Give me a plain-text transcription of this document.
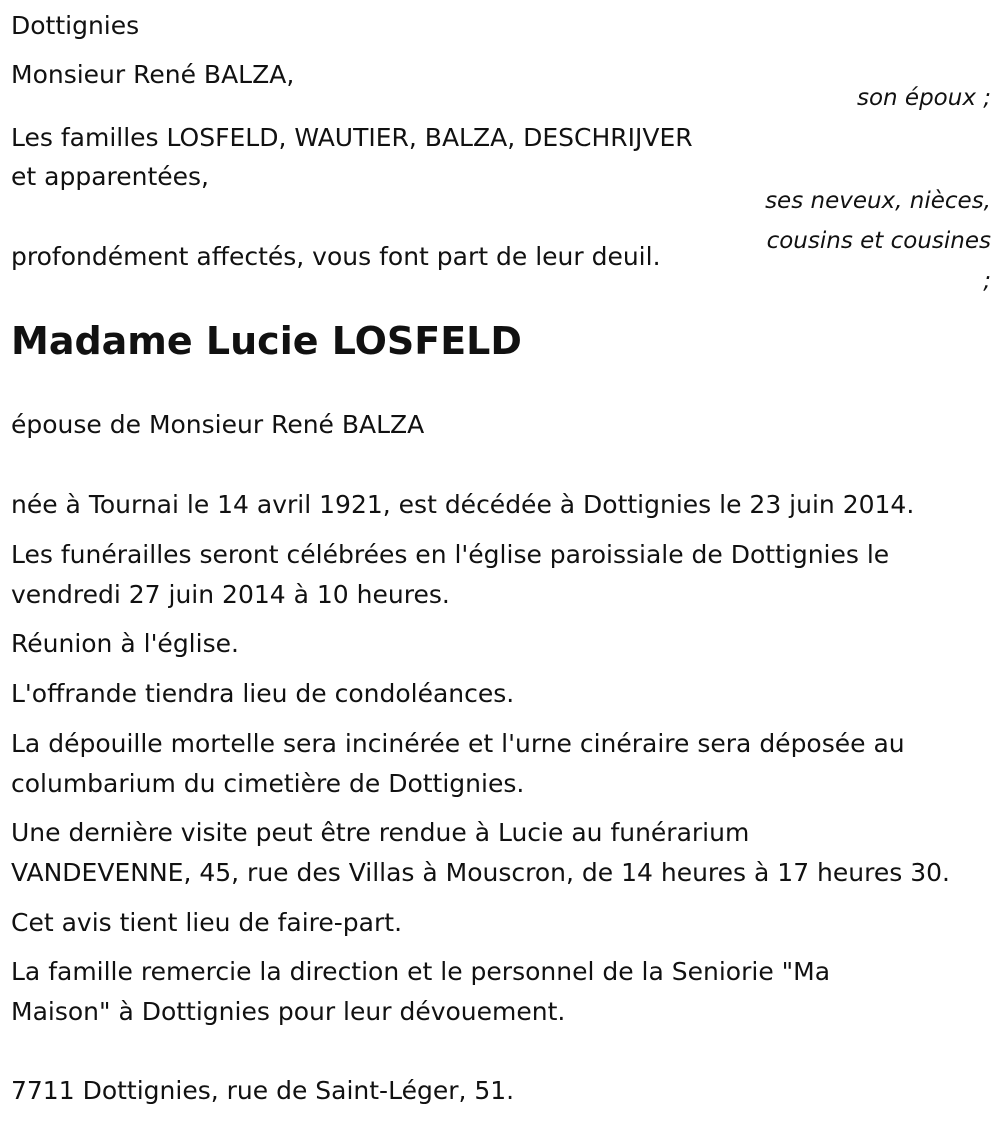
Dottignies

Monsieur René BALZA,

son époux ;

Les familles LOSFELD, WAUTIER, BALZA, DESCHRIJVER

et apparentées,

ses neveux, nièces,

cousins et cousines

;

profondément affectés, vous font part de leur deuil.

Madame Lucie LOSFELD

épouse de Monsieur René BALZA

née à Tournai le 14 avril 1921, est décédée à Dottignies le 23 juin 2014.

Les funérailles seront célébrées en l'église paroissiale de Dottignies le

vendredi 27 juin 2014 à 10 heures.

Réunion à l'église.

L'offrande tiendra lieu de condoléances.

La dépouille mortelle sera incinérée et l'urne cinéraire sera déposée au

columbarium du cimetière de Dottignies.

Une dernière visite peut être rendue à Lucie au funérarium

VANDEVENNE, 45, rue des Villas à Mouscron, de 14 heures à 17 heures 30.

Cet avis tient lieu de faire-part.

La famille remercie la direction et le personnel de la Seniorie "Ma

Maison" à Dottignies pour leur dévouement.

7711 Dottignies, rue de Saint-Léger, 51.
